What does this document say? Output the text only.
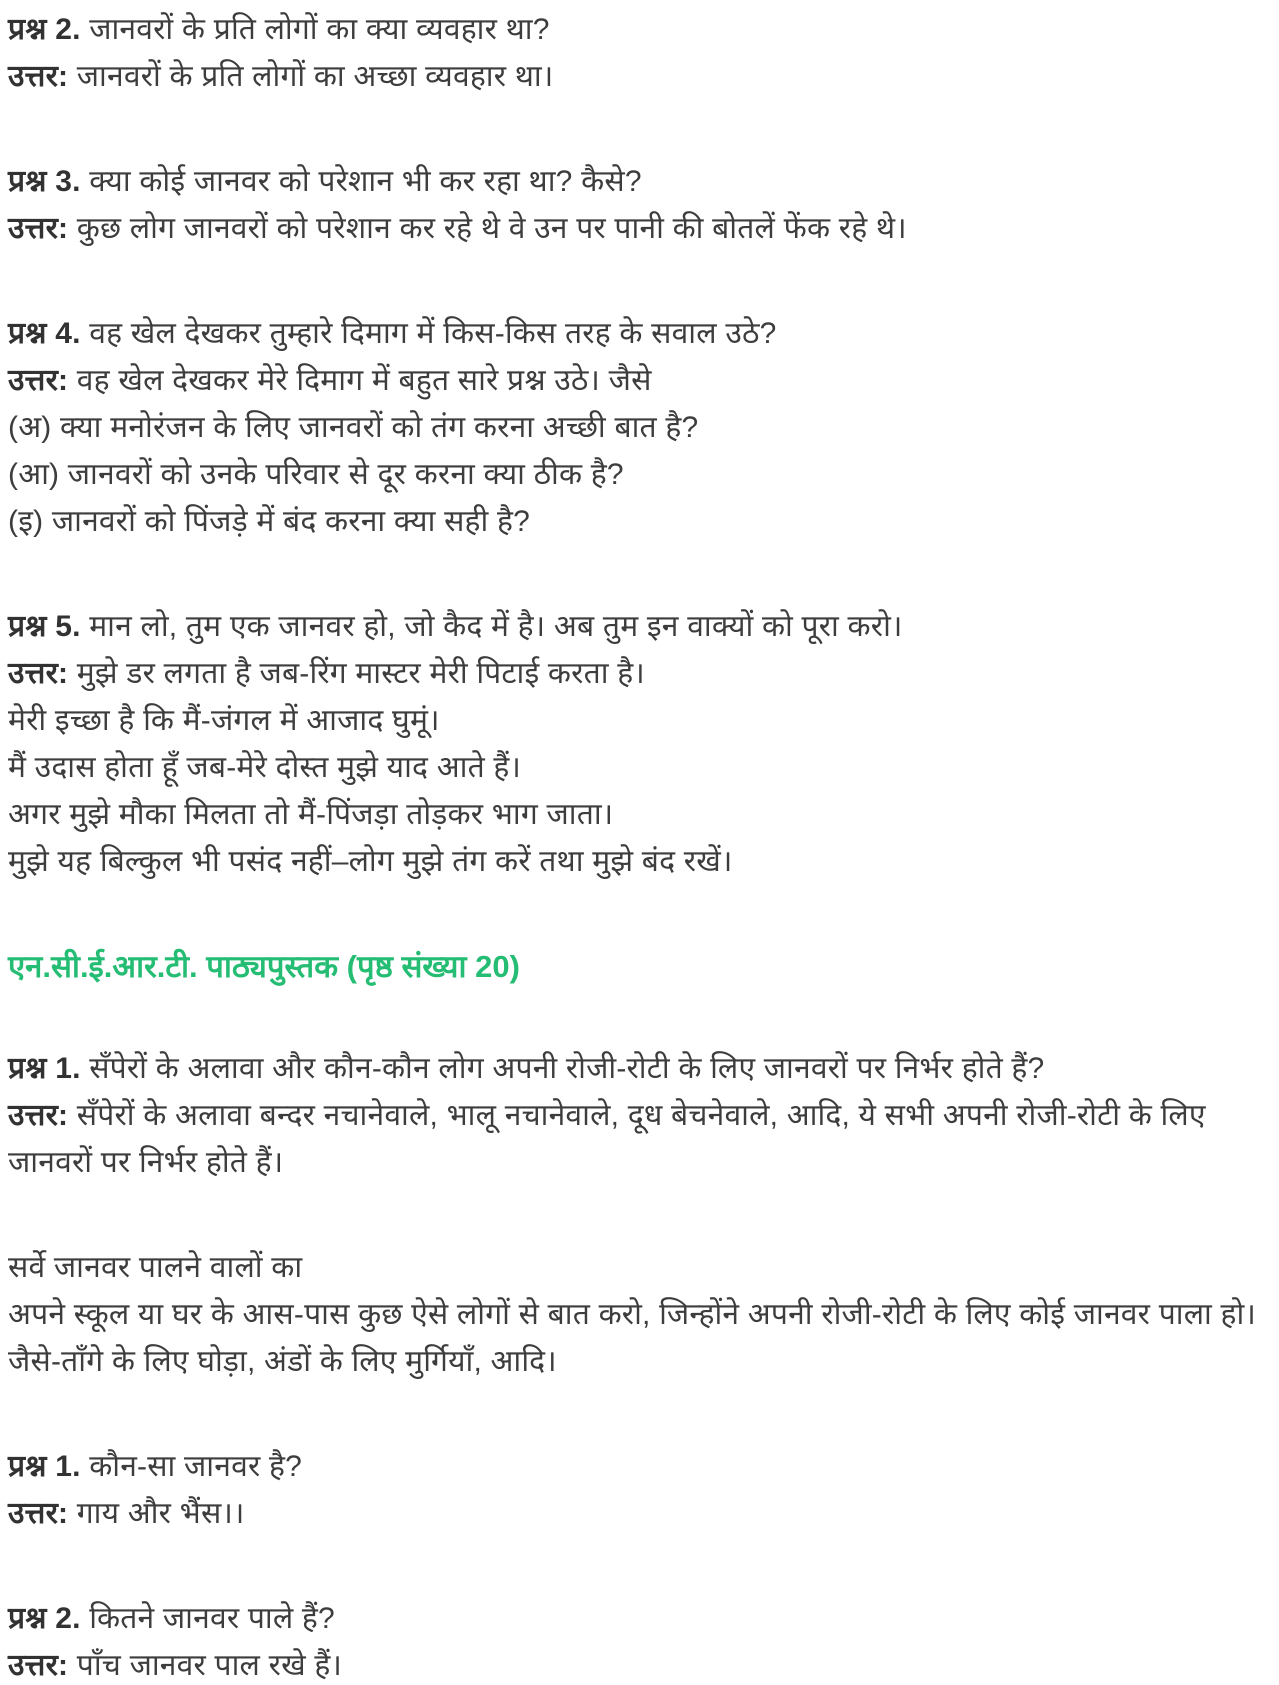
प्रश्न 2. जानवरों के प्रति लोगों का क्या व्यवहार था?

उत्तर: जानवरों के प्रति लोगों का अच्छा व्यवहार था।

प्रश्न 3. क्या कोई जानवर को परेशान भी कर रहा था? कैसे?

उत्तर: कुछ लोग जानवरों को परेशान कर रहे थे वे उन पर पानी की बोतलें फेंक रहे थे।

प्रश्न 4. वह खेल देखकर तुम्हारे दिमाग में किस-किस तरह के सवाल उठे?

उत्तर: वह खेल देखकर मेरे दिमाग में बहुत सारे प्रश्न उठे। जैसे

(अ) क्या मनोरंजन के लिए जानवरों को तंग करना अच्छी बात है?

(आ) जानवरों को उनके परिवार से दूर करना क्या ठीक है?

(इ) जानवरों को पिंजड़े में बंद करना क्या सही है?

प्रश्न 5. मान लो, तुम एक जानवर हो, जो कैद में है। अब तुम इन वाक्यों को पूरा करो।

उत्तर: मुझे डर लगता है जब-रिंग मास्टर मेरी पिटाई करता है।

मेरी इच्छा है कि मैं-जंगल में आजाद घुमूं।

मैं उदास होता हूँ जब-मेरे दोस्त मुझे याद आते हैं।

अगर मुझे मौका मिलता तो मैं-पिंजड़ा तोड़कर भाग जाता।

मुझे यह बिल्कुल भी पसंद नहीं–लोग मुझे तंग करें तथा मुझे बंद रखें।

एन.सी.ई.आर.टी. पाठ्यपुस्तक (पृष्ठ संख्या 20)

प्रश्न 1. सँपेरों के अलावा और कौन-कौन लोग अपनी रोजी-रोटी के लिए जानवरों पर निर्भर होते हैं?

उत्तर: सँपेरों के अलावा बन्दर नचानेवाले, भालू नचानेवाले, दूध बेचनेवाले, आदि, ये सभी अपनी रोजी-रोटी के लिए जानवरों पर निर्भर होते हैं।

सर्वे जानवर पालने वालों का

अपने स्कूल या घर के आस-पास कुछ ऐसे लोगों से बात करो, जिन्होंने अपनी रोजी-रोटी के लिए कोई जानवर पाला हो। जैसे-ताँगे के लिए घोड़ा, अंडों के लिए मुर्गियाँ, आदि।

प्रश्न 1. कौन-सा जानवर है?

उत्तर: गाय और भैंस।।

प्रश्न 2. कितने जानवर पाले हैं?

उत्तर: पाँच जानवर पाल रखे हैं।
